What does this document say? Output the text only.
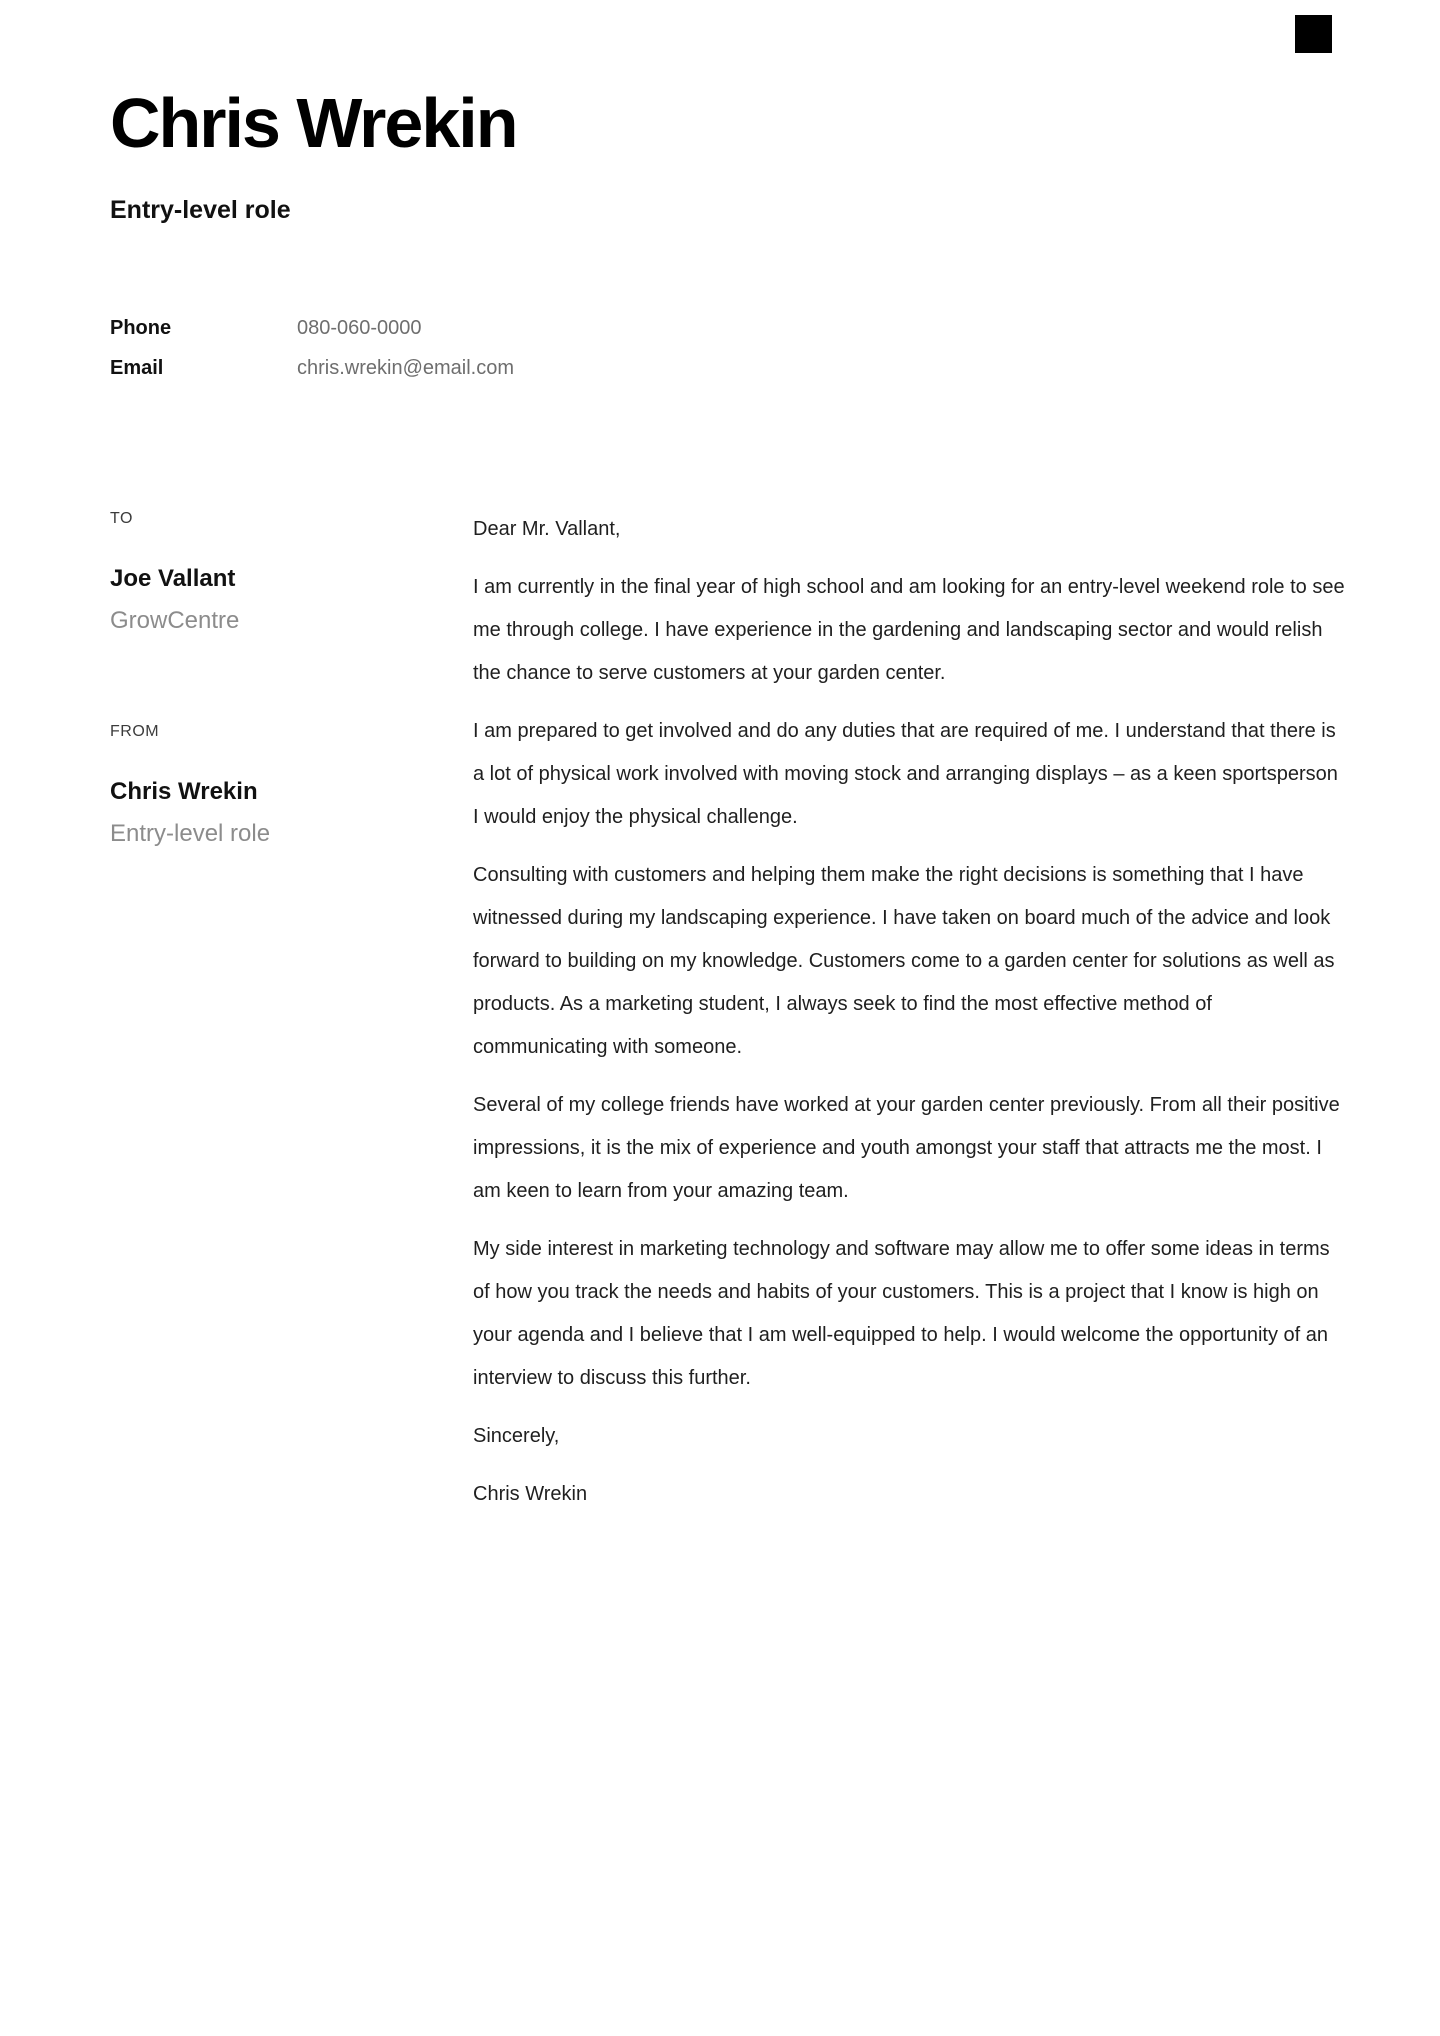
Chris Wrekin
Entry-level role
Phone	080-060-0000
Email	chris.wrekin@email.com
TO
Joe Vallant
GrowCentre
FROM
Chris Wrekin
Entry-level role

Dear Mr. Vallant,

I am currently in the final year of high school and am looking for an entry-level weekend role to see me through college. I have experience in the gardening and landscaping sector and would relish the chance to serve customers at your garden center.

I am prepared to get involved and do any duties that are required of me. I understand that there is a lot of physical work involved with moving stock and arranging displays – as a keen sportsperson I would enjoy the physical challenge.

Consulting with customers and helping them make the right decisions is something that I have witnessed during my landscaping experience. I have taken on board much of the advice and look forward to building on my knowledge. Customers come to a garden center for solutions as well as products. As a marketing student, I always seek to find the most effective method of communicating with someone.

Several of my college friends have worked at your garden center previously. From all their positive impressions, it is the mix of experience and youth amongst your staff that attracts me the most. I am keen to learn from your amazing team.

My side interest in marketing technology and software may allow me to offer some ideas in terms of how you track the needs and habits of your customers. This is a project that I know is high on your agenda and I believe that I am well-equipped to help. I would welcome the opportunity of an interview to discuss this further.

Sincerely,

Chris Wrekin
